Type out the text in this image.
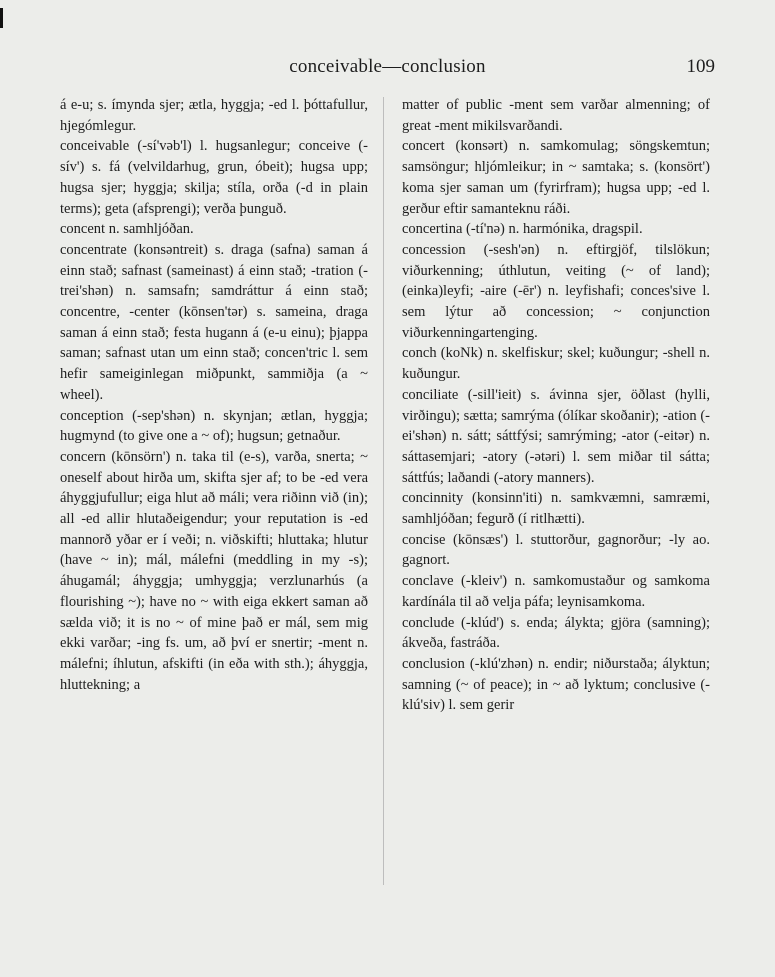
conceivable—conclusion	109

á e-u; s. ímynda sjer; ætla, hyggja; -ed l. þóttafullur, hjegómlegur.

conceivable (-sí'vəb'l) l. hugsanlegur; conceive (-sív') s. fá (velvildarhug, grun, óbeit); hugsa upp; hugsa sjer; hyggja; skilja; stíla, orða (-d in plain terms); geta (afsprengi); verða þunguð.

concent n. samhljóðan.

concentrate (konsəntreit) s. draga (safna) saman á einn stað; safnast (sameinast) á einn stað; -tration (-trei'shən) n. samsafn; samdráttur á einn stað; concentre, -center (kōnsen'tər) s. sameina, draga saman á einn stað; festa hugann á (e-u einu); þjappa saman; safnast utan um einn stað; concen'tric l. sem hefir sameiginlegan miðpunkt, sammiðja (a ~ wheel).

conception (-sep'shən) n. skynjan; ætlan, hyggja; hugmynd (to give one a ~ of); hugsun; getnaður.

concern (kōnsörn') n. taka til (e-s), varða, snerta; ~ oneself about hirða um, skifta sjer af; to be -ed vera áhyggjufullur; eiga hlut að máli; vera riðinn við (in); all -ed allir hlutaðeigendur; your reputation is -ed mannorð yðar er í veði; n. viðskifti; hluttaka; hlutur (have ~ in); mál, málefni (meddling in my -s); áhugamál; áhyggja; umhyggja; verzlunarhús (a flourishing ~); have no ~ with eiga ekkert saman að sælda við; it is no ~ of mine það er mál, sem mig ekki varðar; -ing fs. um, að því er snertir; -ment n. málefni; íhlutun, afskifti (in eða with sth.); áhyggja, hluttekning; a

matter of public -ment sem varðar almenning; of great -ment mikilsvarðandi.

concert (konsərt) n. samkomulag; söngskemtun; samsöngur; hljómleikur; in ~ samtaka; s. (konsört') koma sjer saman um (fyrirfram); hugsa upp; -ed l. gerður eftir samanteknu ráði.

concertina (-tí'nə) n. harmónika, dragspil.

concession (-sesh'ən) n. eftirgjöf, tilslökun; viðurkenning; úthlutun, veiting (~ of land); (einka)leyfi; -aire (-ēr') n. leyfishafi; conces'sive l. sem lýtur að concession; ~ conjunction viðurkenningartenging.

conch (koNk) n. skelfiskur; skel; kuðungur; -shell n. kuðungur.

conciliate (-sill'ieit) s. ávinna sjer, öðlast (hylli, virðingu); sætta; samrýma (ólíkar skoðanir); -ation (-ei'shən) n. sátt; sáttfýsi; samrýming; -ator (-eitər) n. sáttasemjari; -atory (-ətəri) l. sem miðar til sátta; sáttfús; laðandi (-atory manners).

concinnity (konsinn'iti) n. samkvæmni, samræmi, samhljóðan; fegurð (í ritlhætti).

concise (kōnsæs') l. stuttorður, gagnorður; -ly ao. gagnort.

conclave (-kleiv') n. samkomustaður og samkoma kardínála til að velja páfa; leynisamkoma.

conclude (-klúd') s. enda; álykta; gjöra (samning); ákveða, fastráða.

conclusion (-klú'zhən) n. endir; niðurstaða; ályktun; samning (~ of peace); in ~ að lyktum; conclusive (-klú'siv) l. sem gerir
